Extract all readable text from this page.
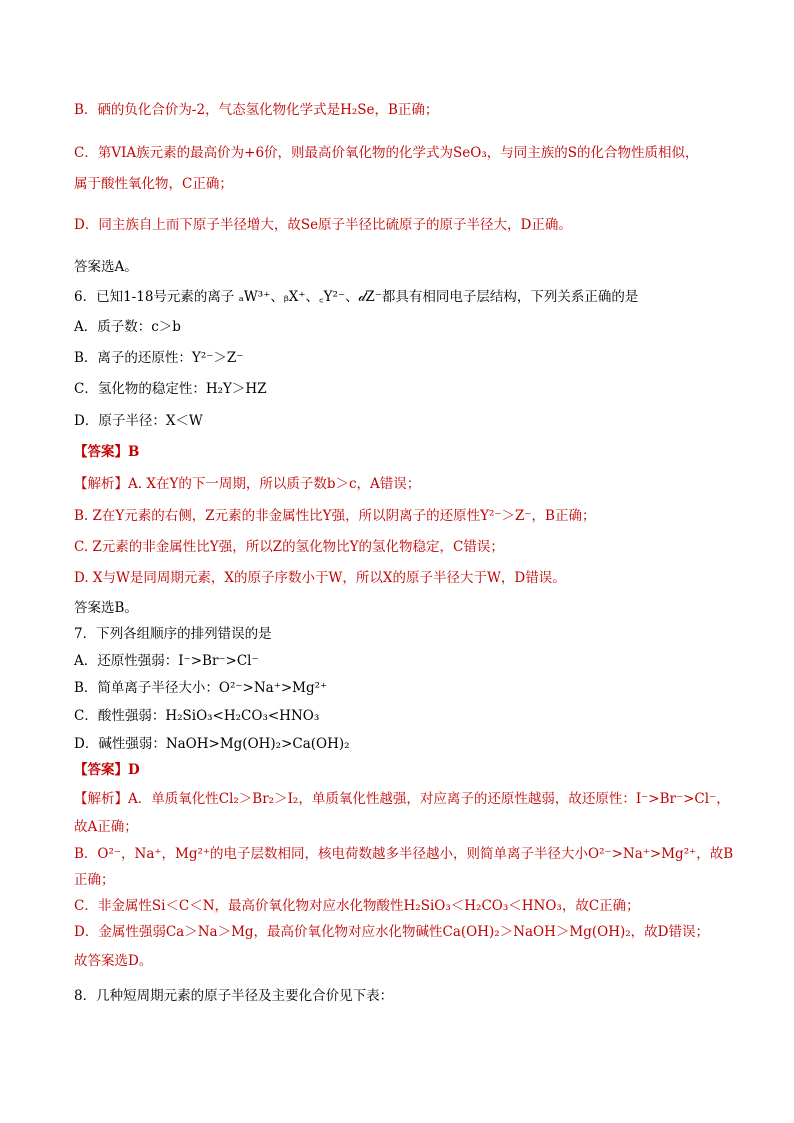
B．硒的负化合价为-2，气态氢化物化学式是H₂Se，B正确；
C．第VIA族元素的最高价为+6价，则最高价氧化物的化学式为SeO₃，与同主族的S的化合物性质相似，
属于酸性氧化物，C正确；
D．同主族自上而下原子半径增大，故Se原子半径比硫原子的原子半径大，D正确。
答案选A。
6．已知1-18号元素的离子 ₐW³⁺、ᵦX⁺、꜀Y²⁻、𝒹Z⁻都具有相同电子层结构，下列关系正确的是
A．质子数：c＞b
B．离子的还原性：Y²⁻＞Z⁻
C．氢化物的稳定性：H₂Y＞HZ
D．原子半径：X＜W
【答案】B
【解析】A. X在Y的下一周期，所以质子数b＞c，A错误；
B. Z在Y元素的右侧，Z元素的非金属性比Y强，所以阴离子的还原性Y²⁻＞Z⁻，B正确；
C. Z元素的非金属性比Y强，所以Z的氢化物比Y的氢化物稳定，C错误；
D. X与W是同周期元素，X的原子序数小于W，所以X的原子半径大于W，D错误。
答案选B。
7．下列各组顺序的排列错误的是
A．还原性强弱：I⁻>Br⁻>Cl⁻
B．简单离子半径大小：O²⁻>Na⁺>Mg²⁺
C．酸性强弱：H₂SiO₃<H₂CO₃<HNO₃
D．碱性强弱：NaOH>Mg(OH)₂>Ca(OH)₂
【答案】D
【解析】A．单质氧化性Cl₂＞Br₂＞I₂，单质氧化性越强，对应离子的还原性越弱，故还原性：I⁻>Br⁻>Cl⁻，
故A正确；
B．O²⁻，Na⁺，Mg²⁺的电子层数相同，核电荷数越多半径越小，则简单离子半径大小O²⁻>Na⁺>Mg²⁺，故B
正确；
C．非金属性Si＜C＜N，最高价氧化物对应水化物酸性H₂SiO₃＜H₂CO₃＜HNO₃，故C正确；
D．金属性强弱Ca＞Na＞Mg，最高价氧化物对应水化物碱性Ca(OH)₂＞NaOH＞Mg(OH)₂，故D错误；
故答案选D。
8．几种短周期元素的原子半径及主要化合价见下表：
